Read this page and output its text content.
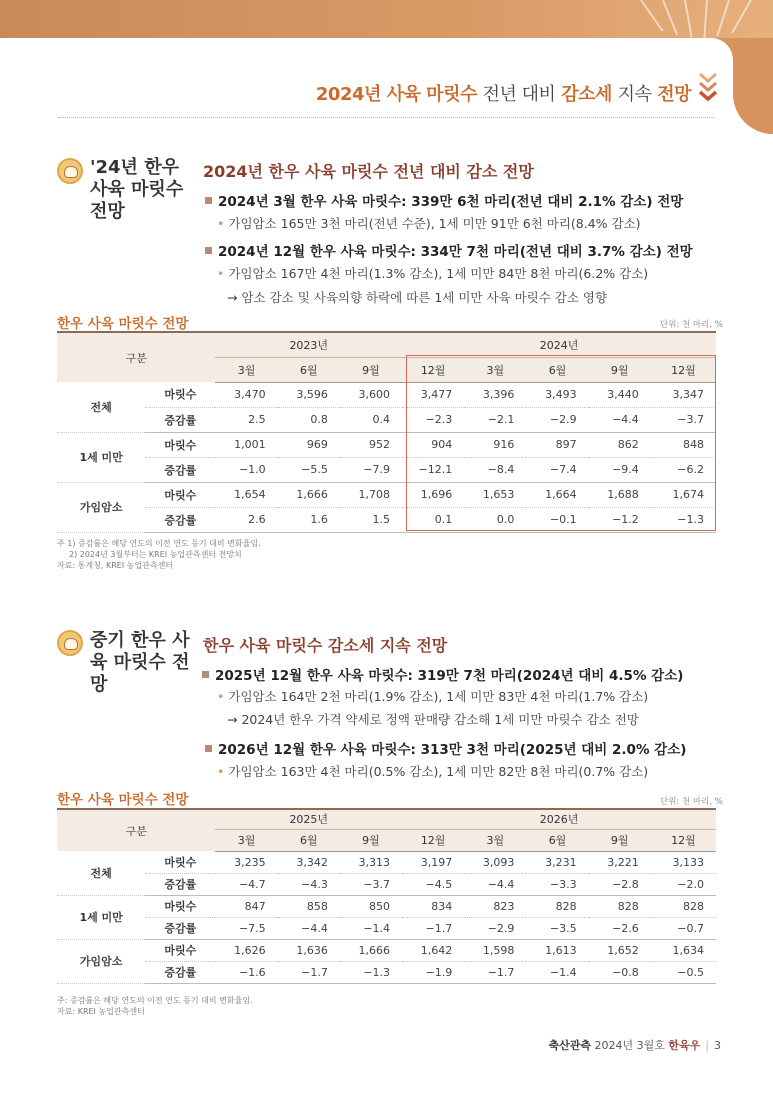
2024년 사육 마릿수 전년 대비 감소세 지속 전망
'24년 한우 사육 마릿수 전망
2024년 한우 사육 마릿수 전년 대비 감소 전망
2024년 3월 한우 사육 마릿수: 339만 6천 마리(전년 대비 2.1% 감소) 전망
• 가임암소 165만 3천 마리(전년 수준), 1세 미만 91만 6천 마리(8.4% 감소)
2024년 12월 한우 사육 마릿수: 334만 7천 마리(전년 대비 3.7% 감소) 전망
• 가임암소 167만 4천 마리(1.3% 감소), 1세 미만 84만 8천 마리(6.2% 감소)
→ 암소 감소 및 사육의향 하락에 따른 1세 미만 사육 마릿수 감소 영향
한우 사육 마릿수 전망	단위: 천 마리, %
구분		2023년			2024년				
		3월	6월	9월	12월	3월	6월	9월	12월
전체	마릿수	3,470	3,596	3,600	3,477	3,396	3,493	3,440	3,347
	증감률	2.5	0.8	0.4	−2.3	−2.1	−2.9	−4.4	−3.7
1세 미만	마릿수	1,001	969	952	904	916	897	862	848
	증감률	−1.0	−5.5	−7.9	−12.1	−8.4	−7.4	−9.4	−6.2
가임암소	마릿수	1,654	1,666	1,708	1,696	1,653	1,664	1,688	1,674
	증감률	2.6	1.6	1.5	0.1	0.0	−0.1	−1.2	−1.3
주 1) 증감률은 해당 연도의 이전 연도 동기 대비 변화율임.
2) 2024년 3월부터는 KREI 농업관측센터 전망치
자료: 통계청, KREI 농업관측센터
중기 한우 사육 마릿수 전망
한우 사육 마릿수 감소세 지속 전망
2025년 12월 한우 사육 마릿수: 319만 7천 마리(2024년 대비 4.5% 감소)
• 가임암소 164만 2천 마리(1.9% 감소), 1세 미만 83만 4천 마리(1.7% 감소)
→ 2024년 한우 가격 약세로 정액 판매량 감소해 1세 미만 마릿수 감소 전망
2026년 12월 한우 사육 마릿수: 313만 3천 마리(2025년 대비 2.0% 감소)
• 가임암소 163만 4천 마리(0.5% 감소), 1세 미만 82만 8천 마리(0.7% 감소)
한우 사육 마릿수 전망	단위: 천 마리, %
구분		2025년			2026년				
		3월	6월	9월	12월	3월	6월	9월	12월
전체	마릿수	3,235	3,342	3,313	3,197	3,093	3,231	3,221	3,133
	증감률	−4.7	−4.3	−3.7	−4.5	−4.4	−3.3	−2.8	−2.0
1세 미만	마릿수	847	858	850	834	823	828	828	828
	증감률	−7.5	−4.4	−1.4	−1.7	−2.9	−3.5	−2.6	−0.7
가임암소	마릿수	1,626	1,636	1,666	1,642	1,598	1,613	1,652	1,634
	증감률	−1.6	−1.7	−1.3	−1.9	−1.7	−1.4	−0.8	−0.5
주: 증감률은 해당 연도의 이전 연도 동기 대비 변화율임.
자료: KREI 농업관측센터
축산관측 2024년 3월호 한육우 | 3
